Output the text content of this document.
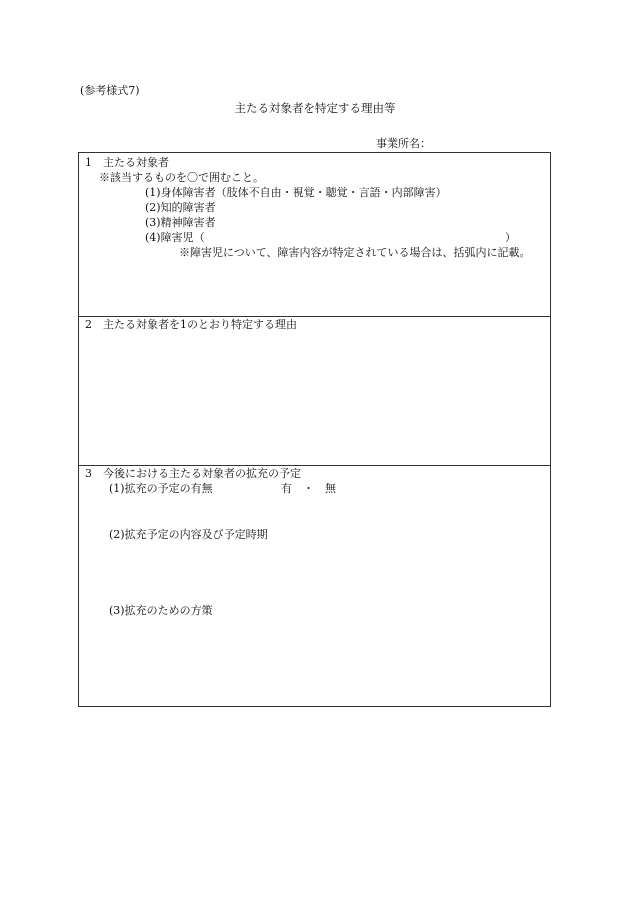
(参考様式7)
主たる対象者を特定する理由等
事業所名：
1　主たる対象者
※該当するものを〇で囲むこと。
(1)身体障害者（肢体不自由・視覚・聴覚・言語・内部障害）
(2)知的障害者
(3)精神障害者
(4)障害児（	）
※障害児について、障害内容が特定されている場合は、括弧内に記載。
2　主たる対象者を1のとおり特定する理由
3　今後における主たる対象者の拡充の予定
(1)拡充の予定の有無	有　・　無
(2)拡充予定の内容及び予定時期
(3)拡充のための方策
